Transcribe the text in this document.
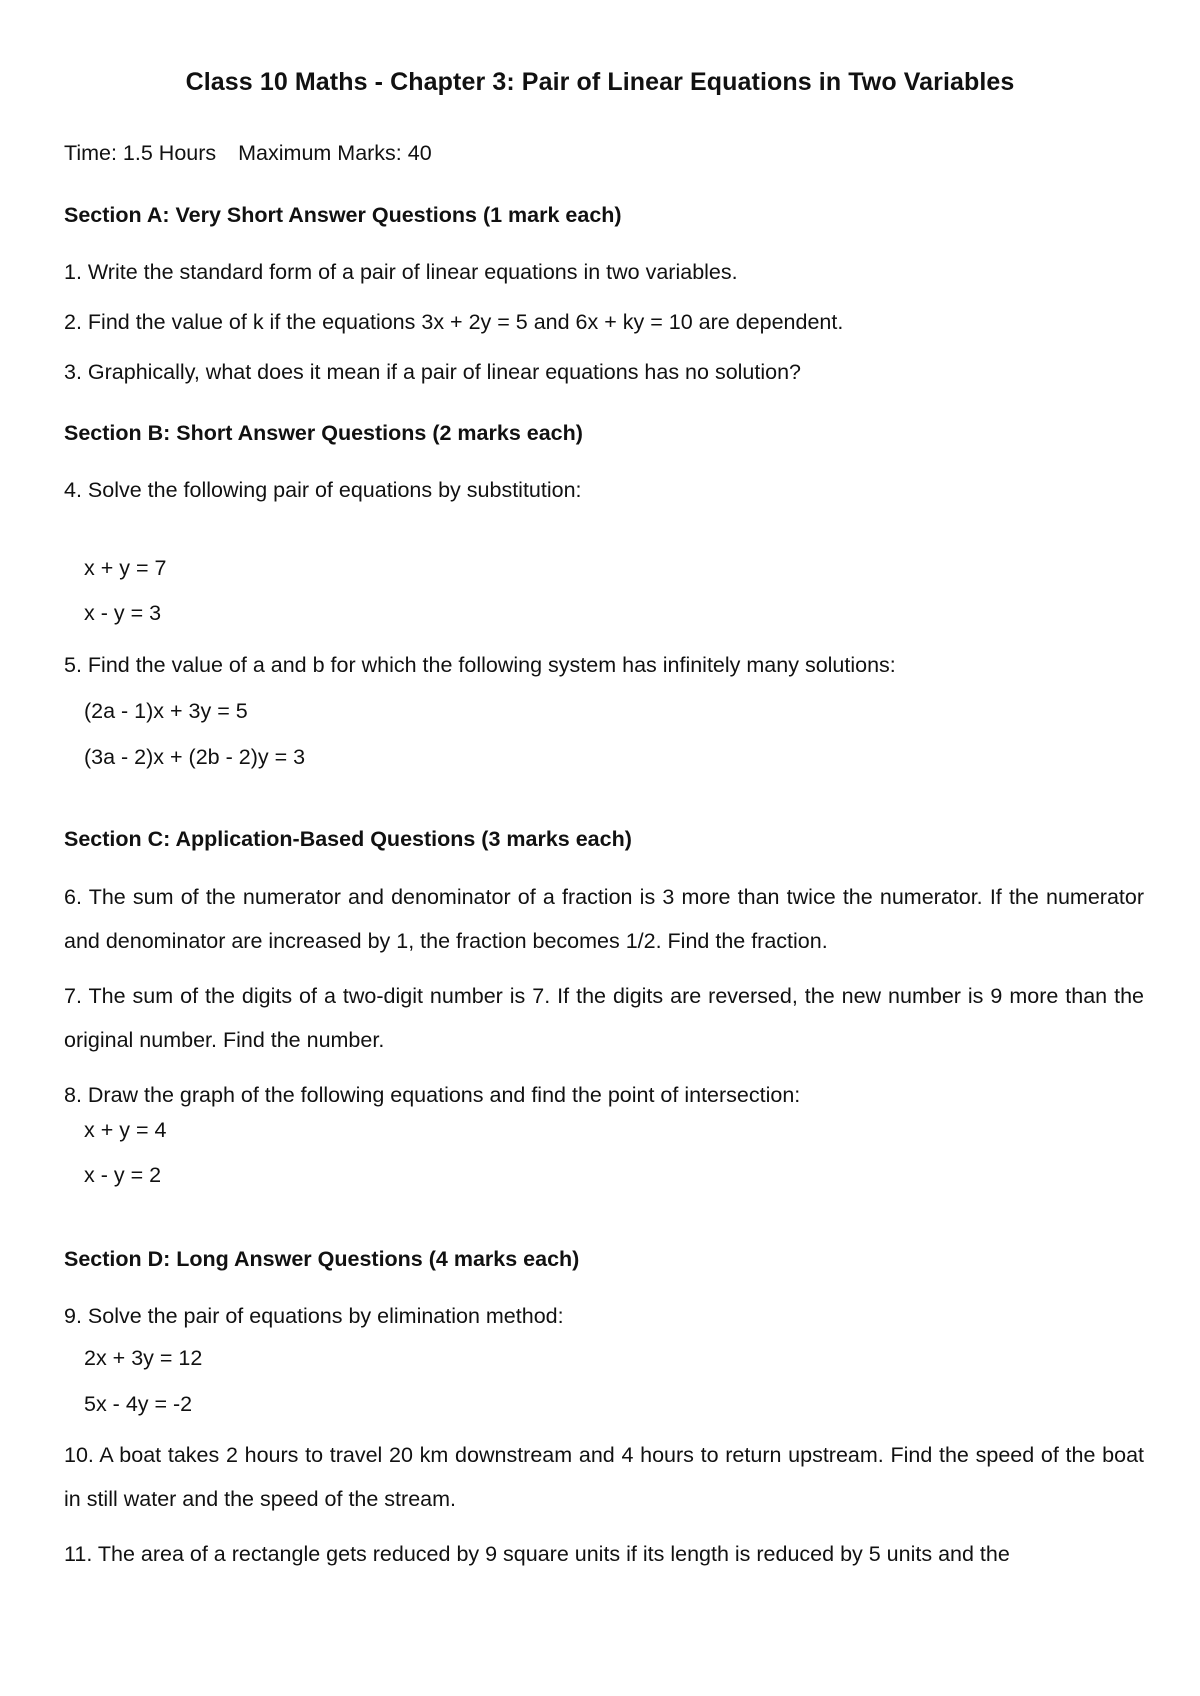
Class 10 Maths - Chapter 3: Pair of Linear Equations in Two Variables
Time: 1.5 Hours Maximum Marks: 40
Section A: Very Short Answer Questions (1 mark each)
1. Write the standard form of a pair of linear equations in two variables.
2. Find the value of k if the equations 3x + 2y = 5 and 6x + ky = 10 are dependent.
3. Graphically, what does it mean if a pair of linear equations has no solution?
Section B: Short Answer Questions (2 marks each)
4. Solve the following pair of equations by substitution:
x + y = 7
x - y = 3
5. Find the value of a and b for which the following system has infinitely many solutions:
(2a - 1)x + 3y = 5
(3a - 2)x + (2b - 2)y = 3
Section C: Application-Based Questions (3 marks each)
6. The sum of the numerator and denominator of a fraction is 3 more than twice the numerator. If the numerator and denominator are increased by 1, the fraction becomes 1/2. Find the fraction.
7. The sum of the digits of a two-digit number is 7. If the digits are reversed, the new number is 9 more than the original number. Find the number.
8. Draw the graph of the following equations and find the point of intersection:
x + y = 4
x - y = 2
Section D: Long Answer Questions (4 marks each)
9. Solve the pair of equations by elimination method:
2x + 3y = 12
5x - 4y = -2
10. A boat takes 2 hours to travel 20 km downstream and 4 hours to return upstream. Find the speed of the boat in still water and the speed of the stream.
11. The area of a rectangle gets reduced by 9 square units if its length is reduced by 5 units and the
